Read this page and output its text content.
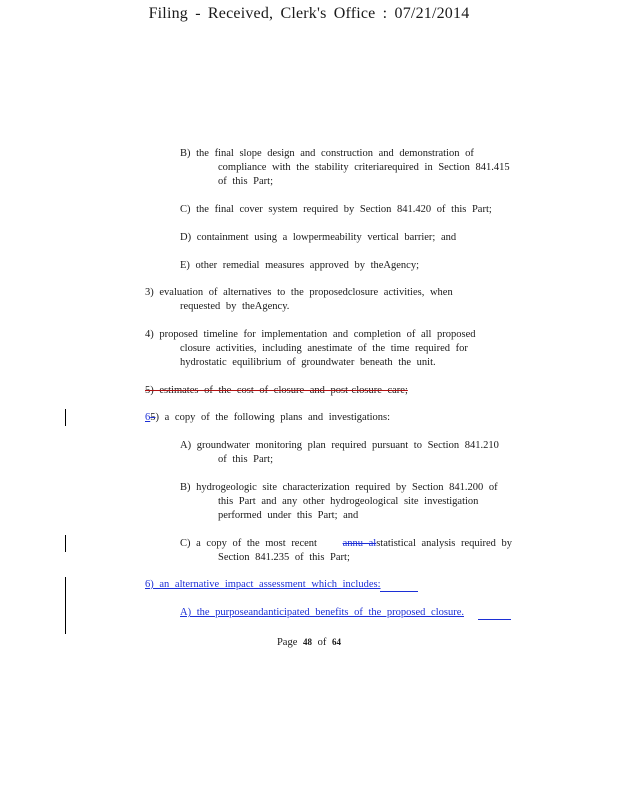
Filing - Received, Clerk's Office : 07/21/2014
B) the final slope design and construction and demonstration of
compliance with the stability criteriarequired in Section 841.415
of this Part;
C) the final cover system required by Section 841.420 of this Part;
D) containment using a lowpermeability vertical barrier; and
E) other remedial measures approved by theAgency;
3) evaluation of alternatives to the proposedclosure activities, when
requested by theAgency.
4) proposed timeline for implementation and completion of all proposed
closure activities, including anestimate of the time required for
hydrostatic equilibrium of groundwater beneath the unit.
5) estimates of the cost of closure and post-closure care;
65) a copy of the following plans and investigations:
A) groundwater monitoring plan required pursuant to Section 841.210
of this Part;
B) hydrogeologic site characterization required by Section 841.200 of
this Part and any other hydrogeological site investigation
performed under this Part; and
C) a copy of the most recent annu alstatistical analysis required by
Section 841.235 of this Part;
6) an alternative impact assessment which includes:
A) the purposeandanticipated benefits of the proposed closure.
Page 48 of 64
